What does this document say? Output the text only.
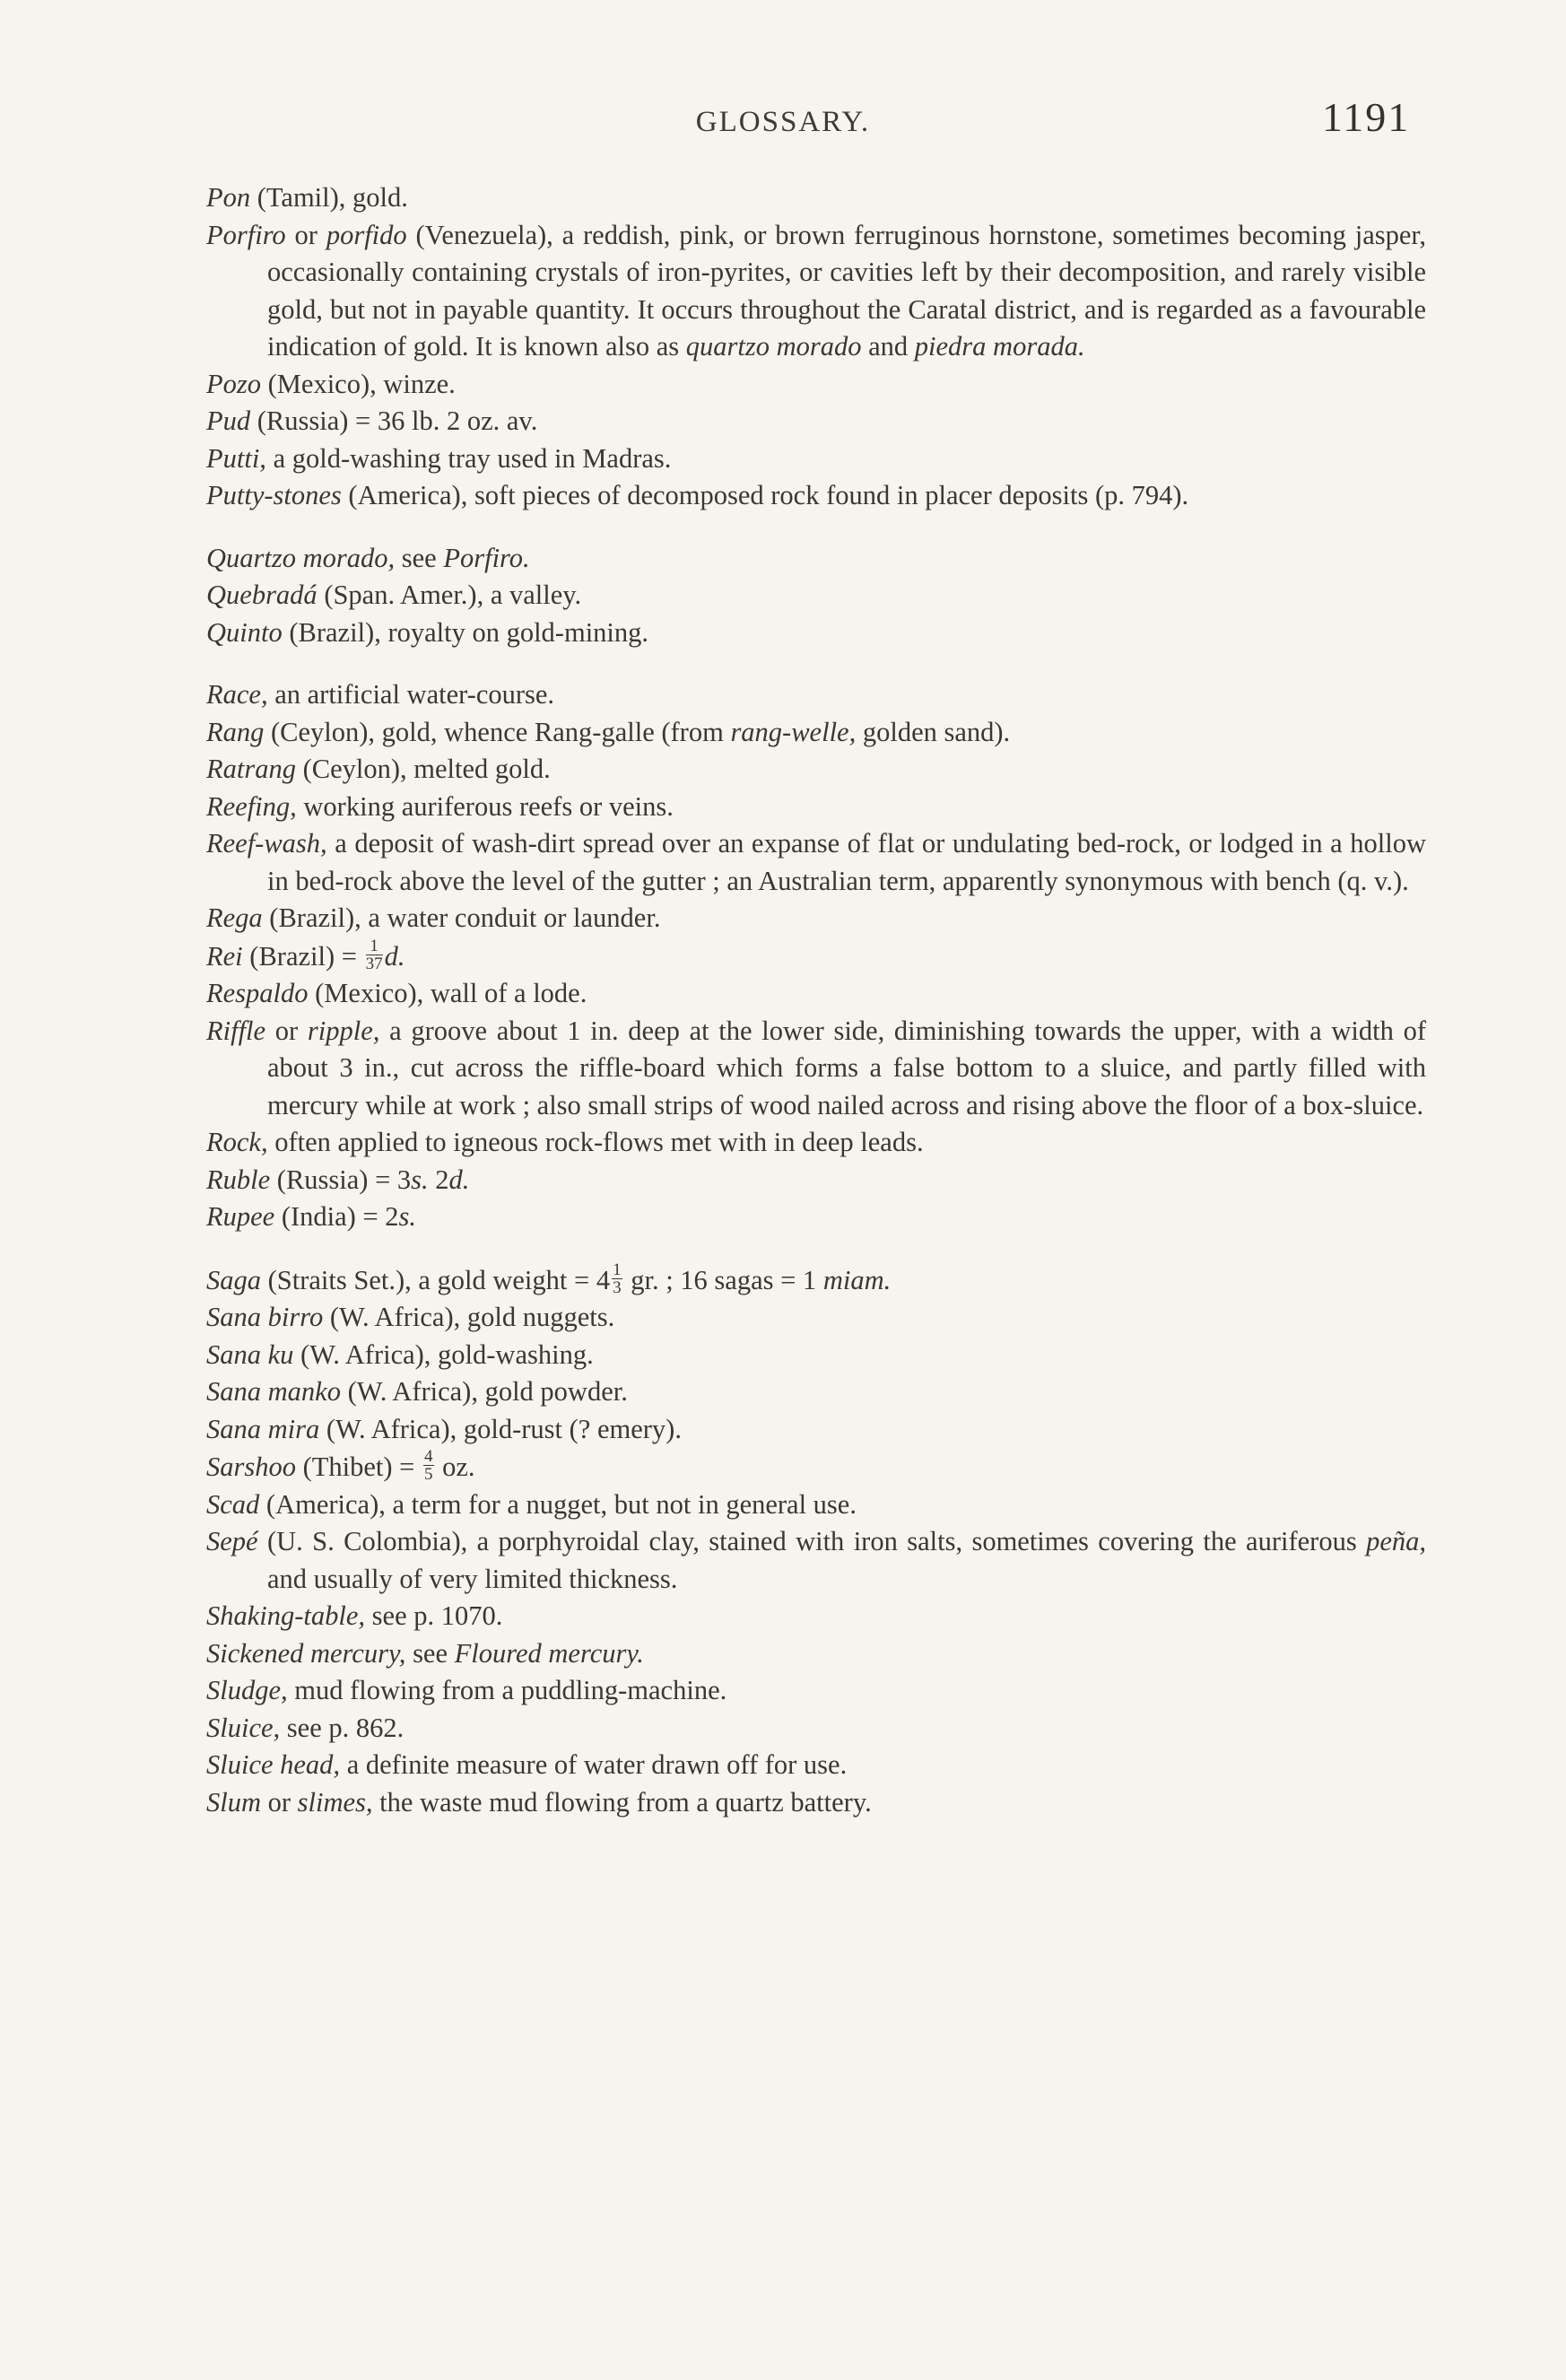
GLOSSARY.	1191
Pon (Tamil), gold.
Porfiro or porfido (Venezuela), a reddish, pink, or brown ferruginous hornstone, sometimes becoming jasper, occasionally containing crystals of iron-pyrites, or cavities left by their decomposition, and rarely visible gold, but not in payable quantity. It occurs throughout the Caratal district, and is regarded as a favourable indication of gold. It is known also as quartzo morado and piedra morada.
Pozo (Mexico), winze.
Pud (Russia) = 36 lb. 2 oz. av.
Putti, a gold-washing tray used in Madras.
Putty-stones (America), soft pieces of decomposed rock found in placer deposits (p. 794).
Quartzo morado, see Porfiro.
Quebradá (Span. Amer.), a valley.
Quinto (Brazil), royalty on gold-mining.
Race, an artificial water-course.
Rang (Ceylon), gold, whence Rang-galle (from rang-welle, golden sand).
Ratrang (Ceylon), melted gold.
Reefing, working auriferous reefs or veins.
Reef-wash, a deposit of wash-dirt spread over an expanse of flat or undulating bed-rock, or lodged in a hollow in bed-rock above the level of the gutter ; an Australian term, apparently synonymous with bench (q. v.).
Rega (Brazil), a water conduit or launder.
Rei (Brazil) = $\frac{1}{37} d$.
Respaldo (Mexico), wall of a lode.
Riffle or ripple, a groove about 1 in. deep at the lower side, diminishing towards the upper, with a width of about 3 in., cut across the riffle-board which forms a false bottom to a sluice, and partly filled with mercury while at work ; also small strips of wood nailed across and rising above the floor of a box-sluice.
Rock, often applied to igneous rock-flows met with in deep leads.
Ruble (Russia) = 3s. 2d.
Rupee (India) = 2s.
Saga (Straits Set.), a gold weight = $4 \frac{1}{3}$ gr. ; 16 sagas = 1 miam.
Sana birro (W. Africa), gold nuggets.
Sana ku (W. Africa), gold-washing.
Sana manko (W. Africa), gold powder.
Sana mira (W. Africa), gold-rust (? emery).
Sarshoo (Thibet) = $\frac{4}{5}$ oz.
Scad (America), a term for a nugget, but not in general use.
Sepé (U. S. Colombia), a porphyroidal clay, stained with iron salts, sometimes covering the auriferous peña, and usually of very limited thickness.
Shaking-table, see p. 1070.
Sickened mercury, see Floured mercury.
Sludge, mud flowing from a puddling-machine.
Sluice, see p. 862.
Sluice head, a definite measure of water drawn off for use.
Slum or slimes, the waste mud flowing from a quartz battery.
